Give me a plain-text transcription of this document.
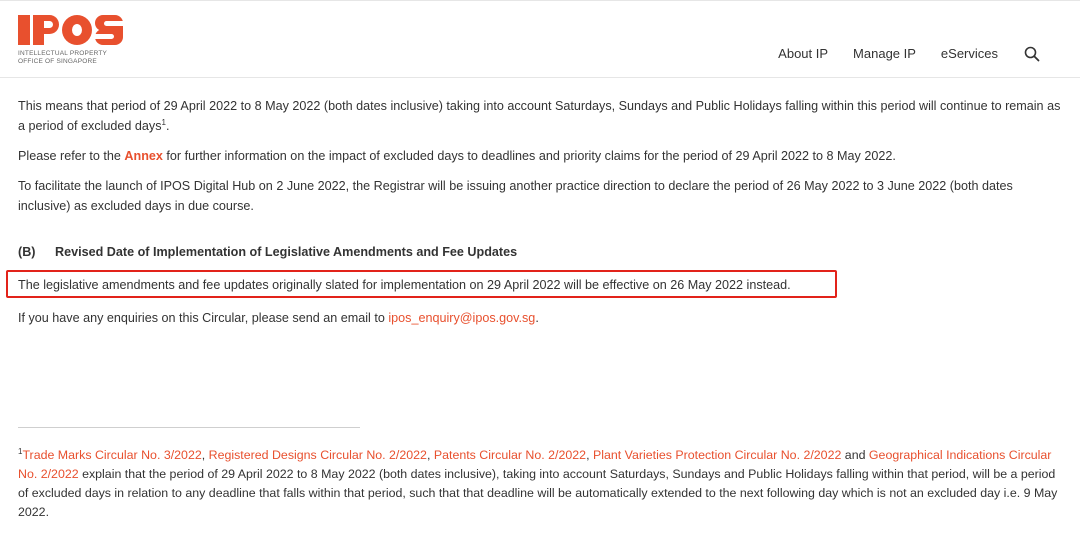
INTELLECTUAL PROPERTY
OFFICE OF SINGAPORE
About IP Manage IP eServices

This means that period of 29 April 2022 to 8 May 2022 (both dates inclusive) taking into account Saturdays, Sundays and Public Holidays falling within this period will continue to remain as a period of excluded days$^1$.

Please refer to the Annex for further information on the impact of excluded days to deadlines and priority claims for the period of 29 April 2022 to 8 May 2022.

To facilitate the launch of IPOS Digital Hub on 2 June 2022, the Registrar will be issuing another practice direction to declare the period of 26 May 2022 to 3 June 2022 (both dates inclusive) as excluded days in due course.

(B)	Revised Date of Implementation of Legislative Amendments and Fee Updates

The legislative amendments and fee updates originally slated for implementation on 29 April 2022 will be effective on 26 May 2022 instead.

If you have any enquiries on this Circular, please send an email to ipos_enquiry@ipos.gov.sg.

$^1$Trade Marks Circular No. 3/2022, Registered Designs Circular No. 2/2022, Patents Circular No. 2/2022, Plant Varieties Protection Circular No. 2/2022 and Geographical Indications Circular No. 2/2022 explain that the period of 29 April 2022 to 8 May 2022 (both dates inclusive), taking into account Saturdays, Sundays and Public Holidays falling within that period, will be a period of excluded days in relation to any deadline that falls within that period, such that that deadline will be automatically extended to the next following day which is not an excluded day i.e. 9 May 2022.
